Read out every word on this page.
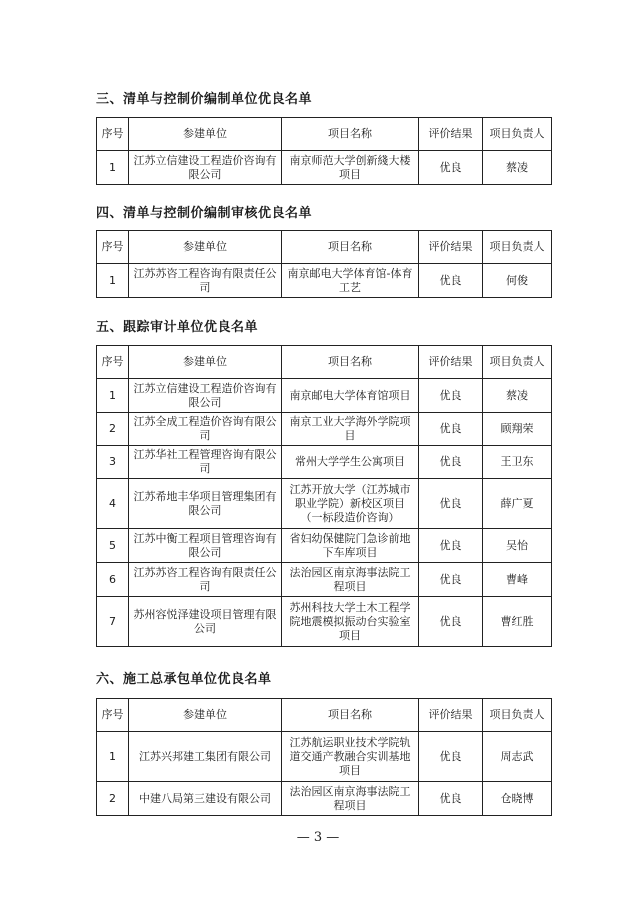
三、清单与控制价编制单位优良名单
序号	参建单位	项目名称	评价结果	项目负责人
1	江苏立信建设工程造价咨询有限公司	南京师范大学创新綫大楼项目	优良	蔡凌
四、清单与控制价编制审核优良名单
序号	参建单位	项目名称	评价结果	项目负责人
1	江苏苏咨工程咨询有限责任公司	南京邮电大学体育馆-体育工艺	优良	何俊
五、跟踪审计单位优良名单
序号	参建单位	项目名称	评价结果	项目负责人
1	江苏立信建设工程造价咨询有限公司	南京邮电大学体育馆项目	优良	蔡凌
2	江苏全成工程造价咨询有限公司	南京工业大学海外学院项目	优良	顾翔荣
3	江苏华社工程管理咨询有限公司	常州大学学生公寓项目	优良	王卫东
4	江苏希地丰华项目管理集团有限公司	江苏开放大学（江苏城市职业学院）新校区项目（一标段造价咨询）	优良	薛广夏
5	江苏中衡工程项目管理咨询有限公司	省妇幼保健院门急诊前地下车库项目	优良	吴怡
6	江苏苏咨工程咨询有限责任公司	法治园区南京海事法院工程项目	优良	曹峰
7	苏州容悦泽建设项目管理有限公司	苏州科技大学土木工程学院地震模拟振动台实验室项目	优良	曹红胜
六、施工总承包单位优良名单
序号	参建单位	项目名称	评价结果	项目负责人
1	江苏兴邦建工集团有限公司	江苏航运职业技术学院轨道交通产教融合实训基地项目	优良	周志武
2	中建八局第三建设有限公司	法治园区南京海事法院工程项目	优良	仓晓博
— 3 —
